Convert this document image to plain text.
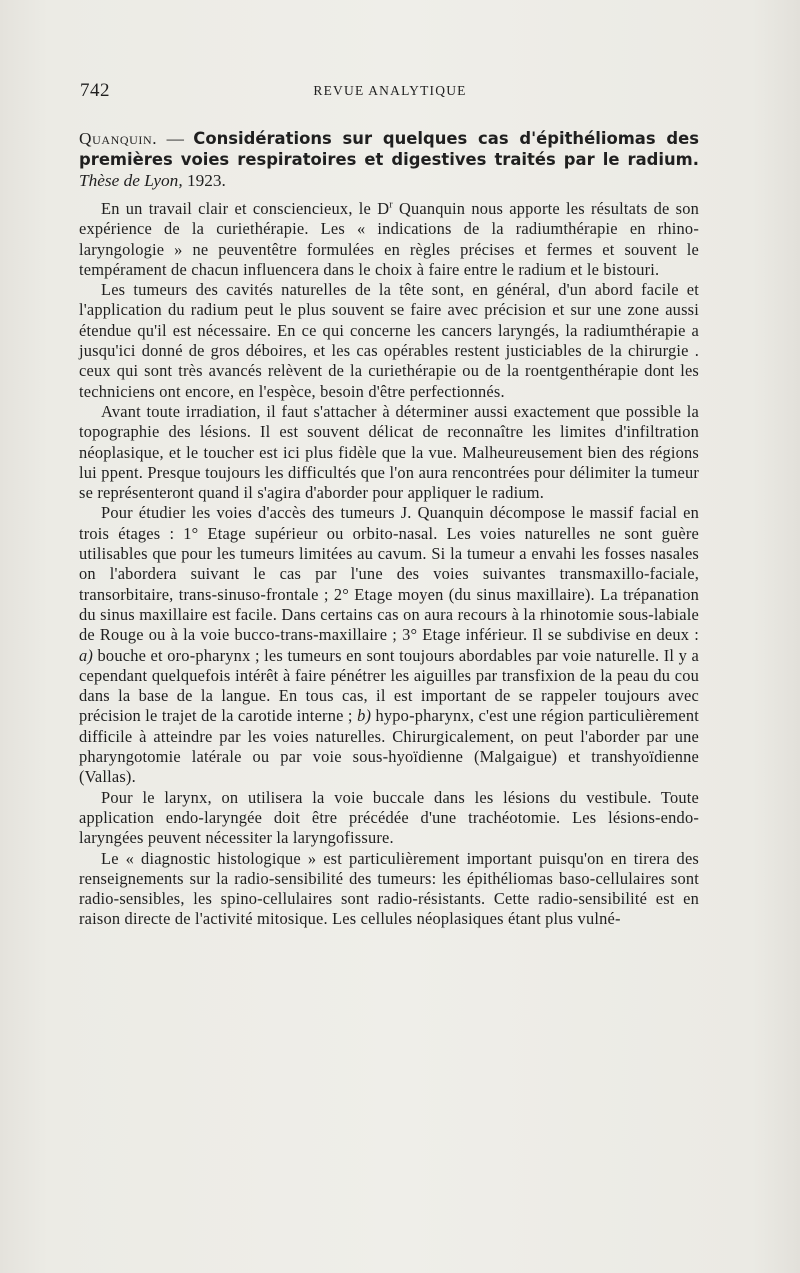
742	REVUE ANALYTIQUE

Quanquin. — Considérations sur quelques cas d'épithéliomas des premières voies respiratoires et digestives traités par le radium. Thèse de Lyon, 1923.

En un travail clair et consciencieux, le $D^r$ Quanquin nous apporte les résultats de son expérience de la curiethérapie. Les « indications de la radiumthérapie en rhino-laryngologie » ne peuventêtre formulées en règles précises et fermes et souvent le tempérament de chacun influencera dans le choix à faire entre le radium et le bistouri.

Les tumeurs des cavités naturelles de la tête sont, en général, d'un abord facile et l'application du radium peut le plus souvent se faire avec précision et sur une zone aussi étendue qu'il est nécessaire. En ce qui concerne les cancers laryngés, la radiumthérapie a jusqu'ici donné de gros déboires, et les cas opérables restent justiciables de la chirurgie . ceux qui sont très avancés relèvent de la curiethérapie ou de la roentgenthérapie dont les techniciens ont encore, en l'espèce, besoin d'être perfectionnés.

Avant toute irradiation, il faut s'attacher à déterminer aussi exactement que possible la topographie des lésions. Il est souvent délicat de reconnaître les limites d'infiltration néoplasique, et le toucher est ici plus fidèle que la vue. Malheureusement bien des régions lui ppent. Presque toujours les difficultés que l'on aura rencontrées pour délimiter la tumeur se représenteront quand il s'agira d'aborder pour appliquer le radium.

Pour étudier les voies d'accès des tumeurs J. Quanquin décompose le massif facial en trois étages : 1° Etage supérieur ou orbito-nasal. Les voies naturelles ne sont guère utilisables que pour les tumeurs limitées au cavum. Si la tumeur a envahi les fosses nasales on l'abordera suivant le cas par l'une des voies suivantes transmaxillo-faciale, transorbitaire, trans-sinuso-frontale ; 2° Etage moyen (du sinus maxillaire). La trépanation du sinus maxillaire est facile. Dans certains cas on aura recours à la rhinotomie sous-labiale de Rouge ou à la voie bucco-trans-maxillaire ; 3° Etage inférieur. Il se subdivise en deux : a) bouche et oro-pharynx ; les tumeurs en sont toujours abordables par voie naturelle. Il y a cependant quelquefois intérêt à faire pénétrer les aiguilles par transfixion de la peau du cou dans la base de la langue. En tous cas, il est important de se rappeler toujours avec précision le trajet de la carotide interne ; b) hypo-pharynx, c'est une région particulièrement difficile à atteindre par les voies naturelles. Chirurgicalement, on peut l'aborder par une pharyngotomie latérale ou par voie sous-hyoïdienne (Malgaigue) et transhyoïdienne (Vallas).

Pour le larynx, on utilisera la voie buccale dans les lésions du vestibule. Toute application endo-laryngée doit être précédée d'une trachéotomie. Les lésions-endo-laryngées peuvent nécessiter la laryngofissure.

Le « diagnostic histologique » est particulièrement important puisqu'on en tirera des renseignements sur la radio-sensibilité des tumeurs: les épithéliomas baso-cellulaires sont radio-sensibles, les spino-cellulaires sont radio-résistants. Cette radio-sensibilité est en raison directe de l'activité mitosique. Les cellules néoplasiques étant plus vulné-
